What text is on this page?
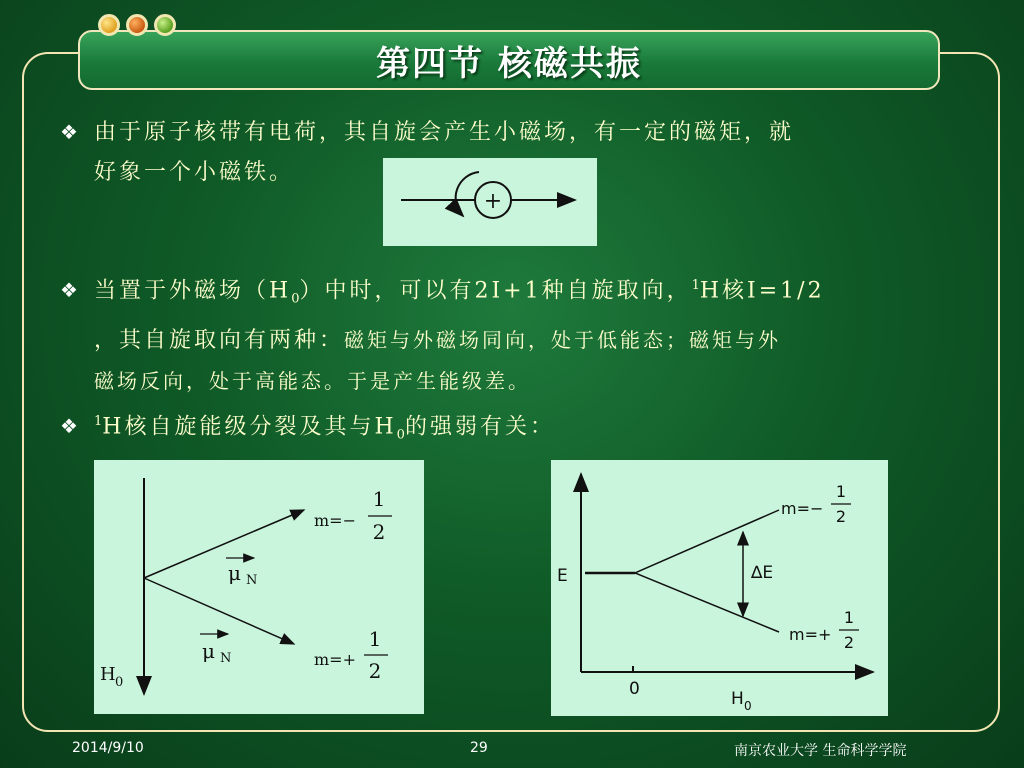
第四节 核磁共振
❖ 由于原子核带有电荷，其自旋会产生小磁场，有一定的磁矩，就
好象一个小磁铁。
+
❖ 当置于外磁场$(H_0)$中时，可以有2I+1种自旋取向，$^1$H核I=1/2
，其自旋取向有两种：磁矩与外磁场同向，处于低能态；磁矩与外
磁场反向，处于高能态。于是产生能级差。
❖ $^1$H核自旋能级分裂及其与$H_0$的强弱有关：
m=−
1
2
m=+
1
2
μ N
μ N
H 0
∆E
E
m=−
1
2
m=+
1
2
0	H 0
2014/9/10	29	南京农业大学 生命科学学院
